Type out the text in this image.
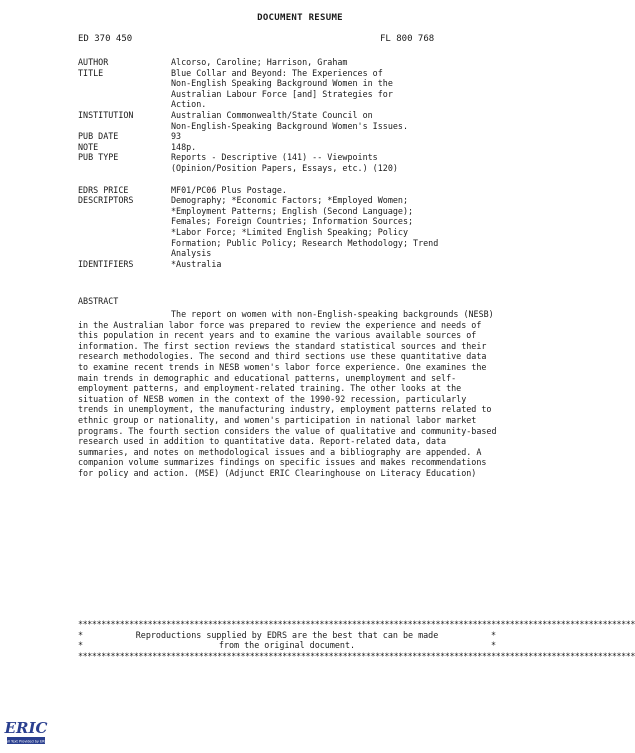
DOCUMENT RESUME
ED 370 450	FL 800 768
AUTHOR	Alcorso, Caroline; Harrison, Graham
TITLE	Blue Collar and Beyond: The Experiences of
Non-English Speaking Background Women in the
Australian Labour Force [and] Strategies for
Action.
INSTITUTION	Australian Commonwealth/State Council on
Non-English-Speaking Background Women's Issues.
PUB DATE	93
NOTE	148p.
PUB TYPE	Reports - Descriptive (141) -- Viewpoints
(Opinion/Position Papers, Essays, etc.) (120)
EDRS PRICE	MF01/PC06 Plus Postage.
DESCRIPTORS	Demography; *Economic Factors; *Employed Women;
*Employment Patterns; English (Second Language);
Females; Foreign Countries; Information Sources;
*Labor Force; *Limited English Speaking; Policy
Formation; Public Policy; Research Methodology; Trend
Analysis
IDENTIFIERS	*Australia
ABSTRACT
The report on women with non-English-speaking backgrounds (NESB) in the Australian labor force was prepared to review the experience and needs of this population in recent years and to examine the various available sources of information. The first section reviews the standard statistical sources and their research methodologies. The second and third sections use these quantitative data to examine recent trends in NESB women's labor force experience. One examines the main trends in demographic and educational patterns, unemployment and self-employment patterns, and employment-related training. The other looks at the situation of NESB women in the context of the 1990-92 recession, particularly trends in unemployment, the manufacturing industry, employment patterns related to ethnic group or nationality, and women's participation in national labor market programs. The fourth section considers the value of qualitative and community-based research used in addition to quantitative data. Report-related data, data summaries, and notes on methodological issues and a bibliography are appended. A companion volume summarizes findings on specific issues and makes recommendations for policy and action. (MSE) (Adjunct ERIC Clearinghouse on Literacy Education)
************************************************************************************************************************
*	Reproductions supplied by EDRS are the best that can be made	*
*	from the original document.	*
************************************************************************************************************************
ERIC
Full Text Provided by ERIC
